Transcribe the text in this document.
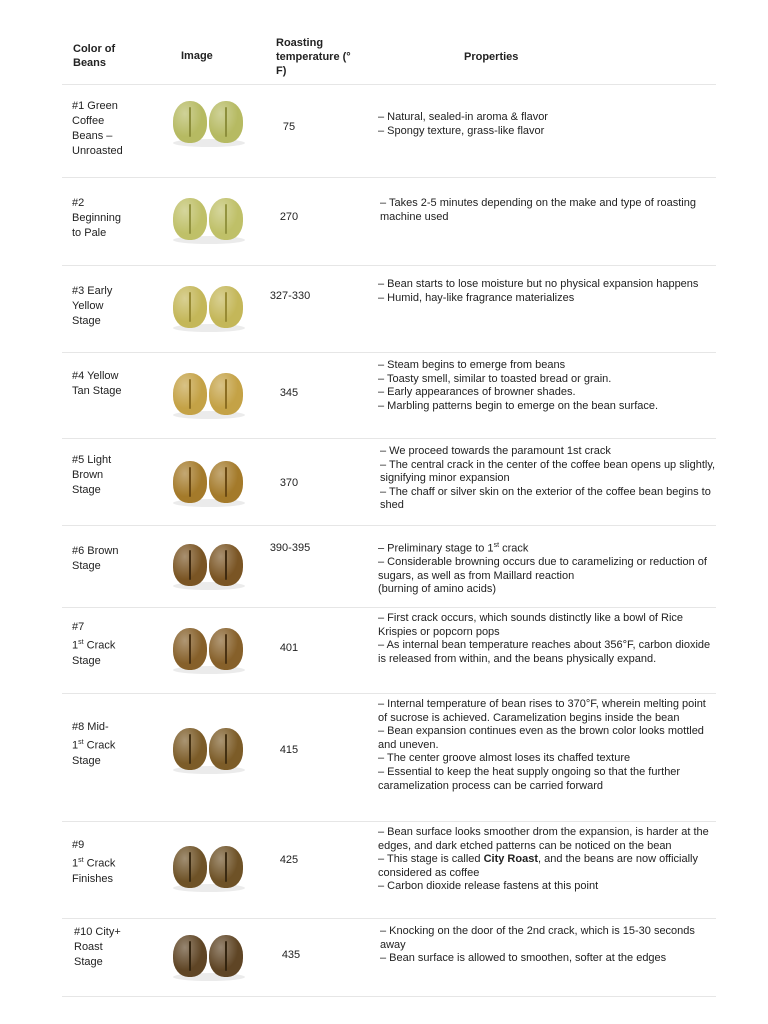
Color of Beans
Image
Roasting temperature (° F)
Properties
#1 Green Coffee Beans – Unroasted
75

– Natural, sealed-in aroma & flavor

– Spongy texture, grass-like flavor

#2 Beginning to Pale
270

– Takes 2-5 minutes depending on the make and type of roasting machine used

#3 Early Yellow Stage
327-330

– Bean starts to lose moisture but no physical expansion happens

– Humid, hay-like fragrance materializes

#4 Yellow Tan Stage	345

– Steam begins to emerge from beans

– Toasty smell, similar to toasted bread or grain.

– Early appearances of browner shades.

– Marbling patterns begin to emerge on the bean surface.

#5 Light Brown Stage
370

– We proceed towards the paramount 1st crack

– The central crack in the center of the coffee bean opens up slightly, signifying minor expansion

– The chaff or silver skin on the exterior of the coffee bean begins to shed

#6 Brown Stage
390-395	– Preliminary stage to 1st crack

– Considerable browning occurs due to caramelizing or reduction of sugars, as well as from Maillard reaction

(burning of amino acids)

#7
1st Crack
Stage
401

– First crack occurs, which sounds distinctly like a bowl of Rice Krispies or popcorn pops

– As internal bean temperature reaches about 356°F, carbon dioxide is released from within, and the beans physically expand.

#8 Mid-
1st Crack
Stage
415

– Internal temperature of bean rises to 370°F, wherein melting point of sucrose is achieved. Caramelization begins inside the bean

– Bean expansion continues even as the brown color looks mottled and uneven.

– The center groove almost loses its chaffed texture

– Essential to keep the heat supply ongoing so that the further caramelization process can be carried forward

#9
1st Crack
Finishes
425

– Bean surface looks smoother drom the expansion, is harder at the edges, and dark etched patterns can be noticed on the bean

– This stage is called City Roast, and the beans are now officially considered as coffee

– Carbon dioxide release fastens at this point

#10 City+ Roast Stage
435

– Knocking on the door of the 2nd crack, which is 15-30 seconds away

– Bean surface is allowed to smoothen, softer at the edges
